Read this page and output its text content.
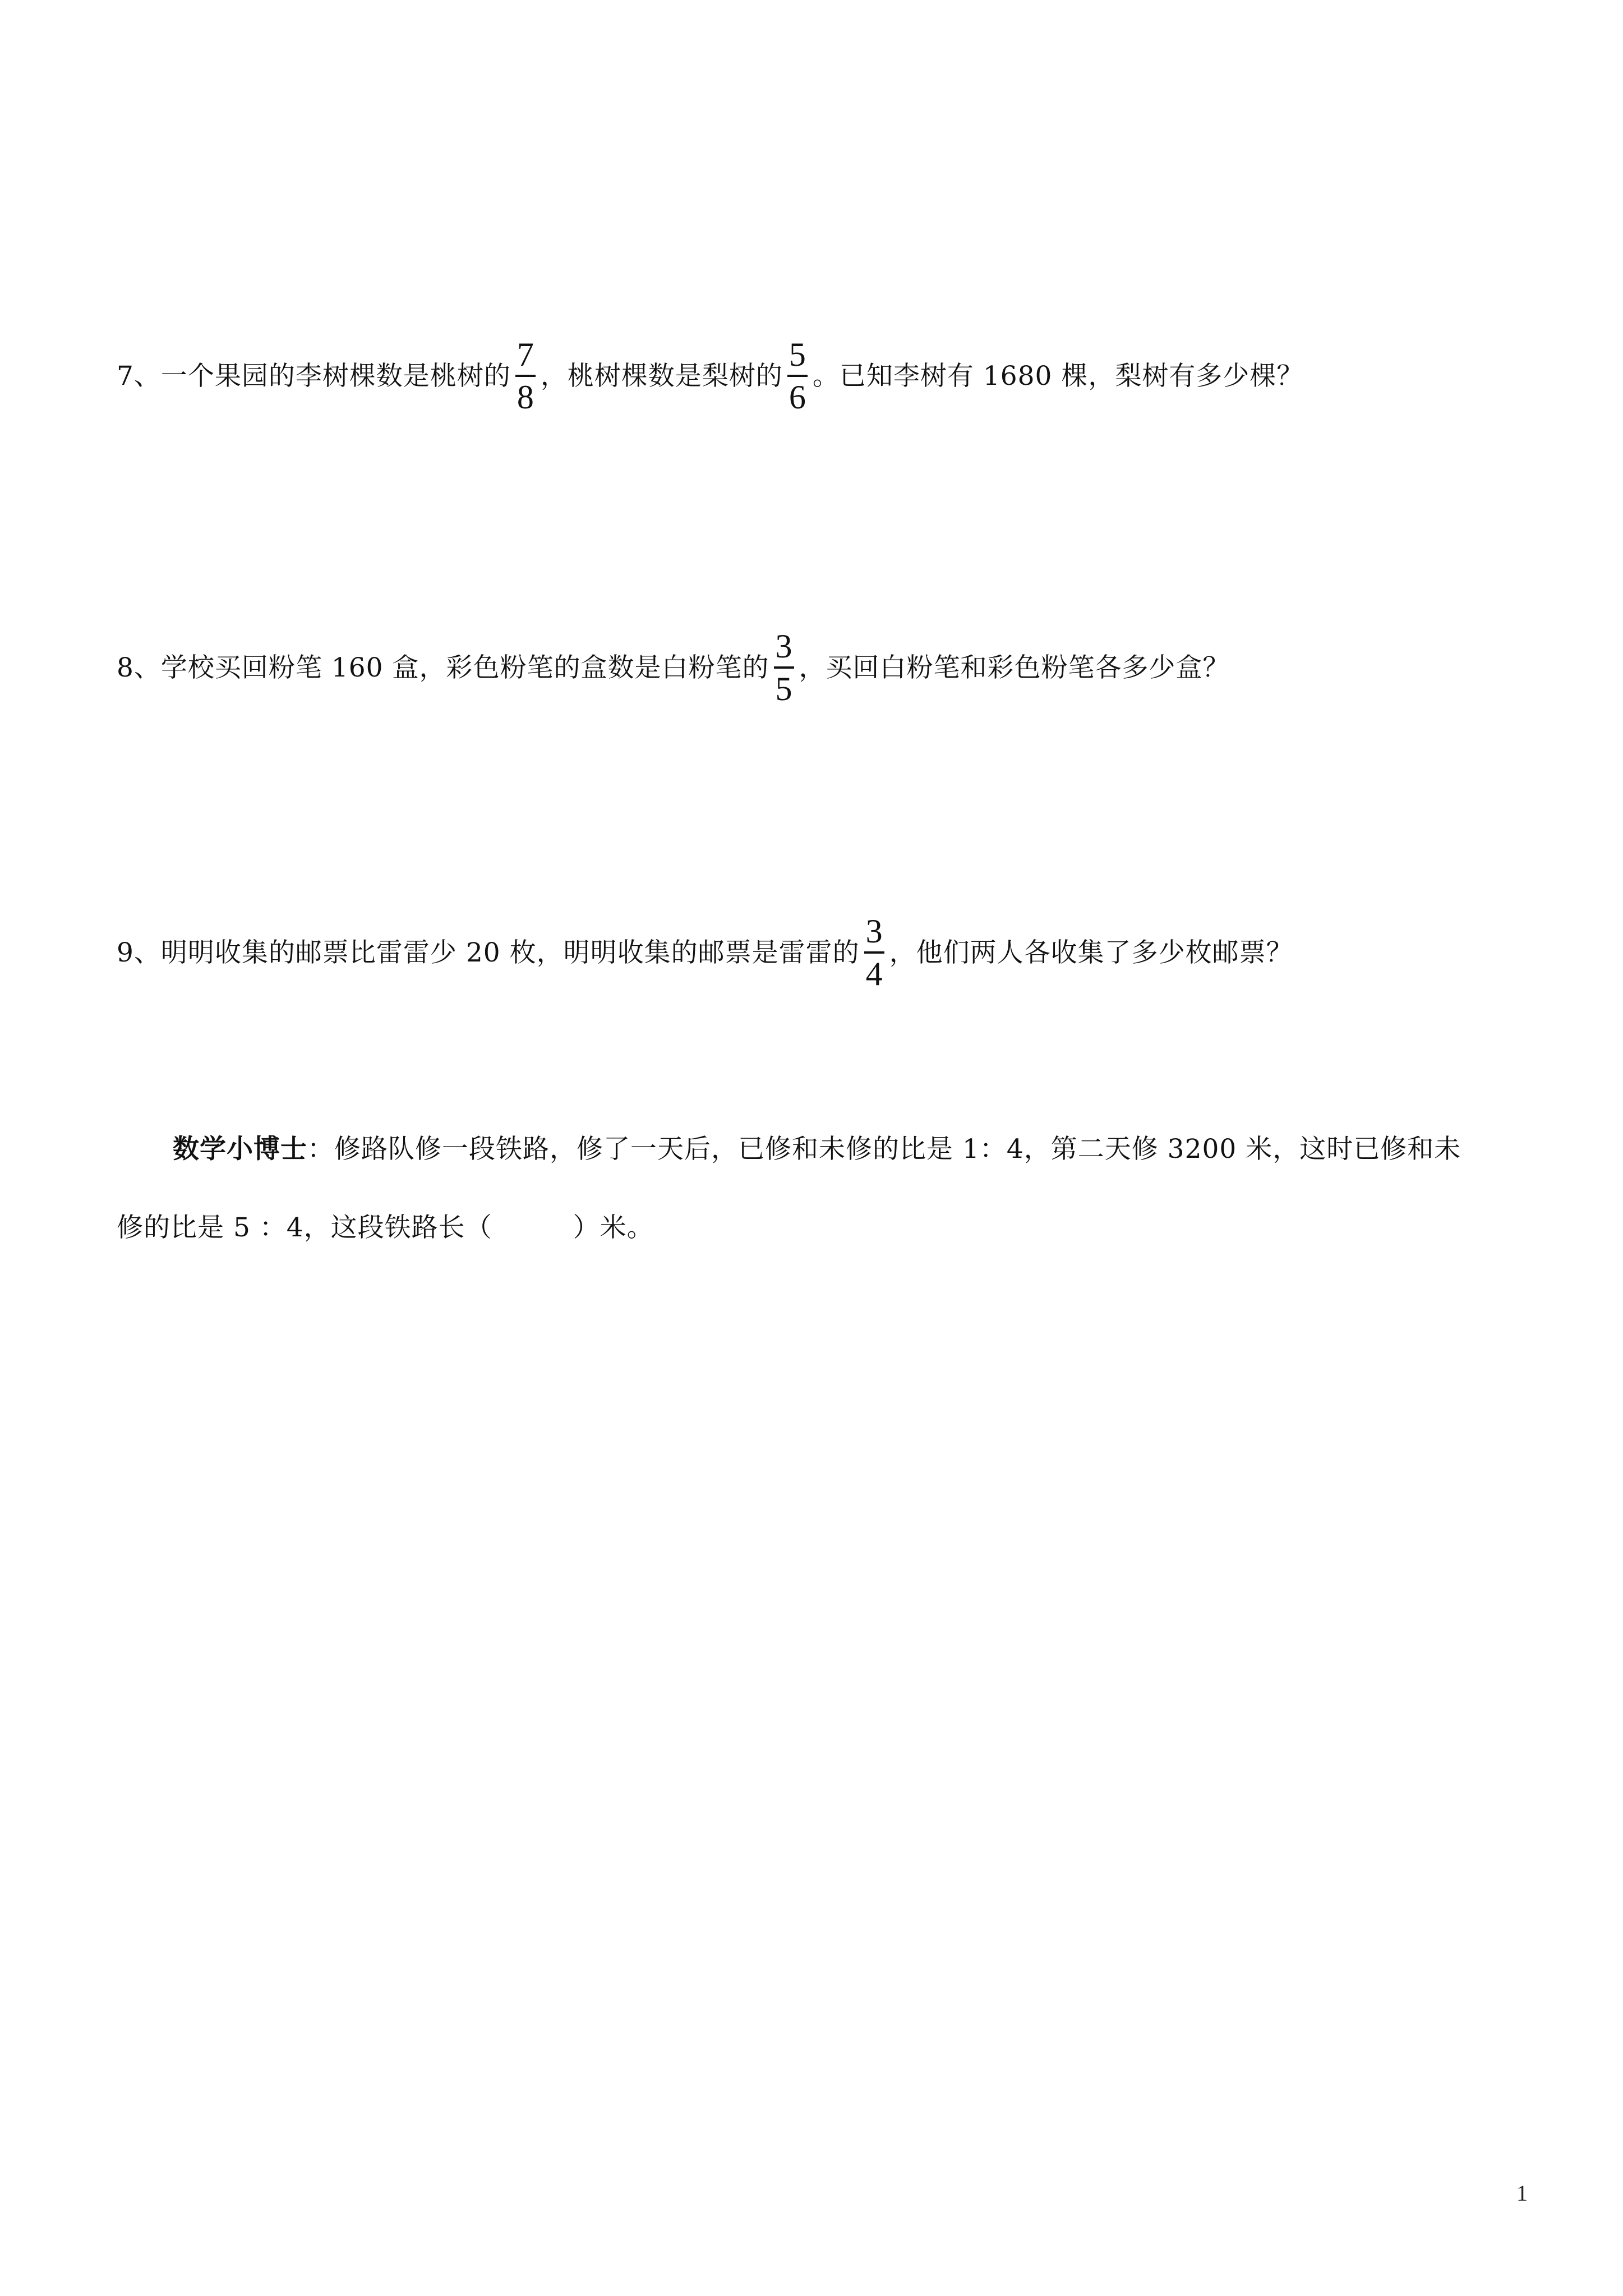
7、一个果园的李树棵数是桃树的 $\frac{7}{8}$ ，桃树棵数是梨树的 $\frac{5}{6}$ 。已知李树有 1680 棵，梨树有多少棵？
8、学校买回粉笔 160 盒，彩色粉笔的盒数是白粉笔的 $\frac{3}{5}$ ，买回白粉笔和彩色粉笔各多少盒？
9、明明收集的邮票比雷雷少 20 枚，明明收集的邮票是雷雷的 $\frac{3}{4}$ ，他们两人各收集了多少枚邮票？
数学小博士 ：修路队修一段铁路，修了一天后，已修和未修的比是 1：4，第二天修 3200 米，这时已修和未
修的比是 5 ：4，这段铁路长（　　　）米。
1
